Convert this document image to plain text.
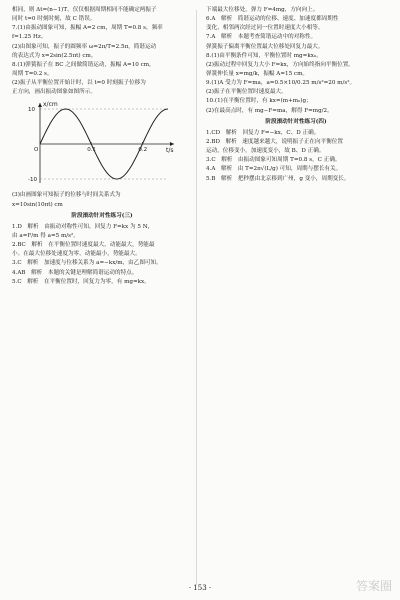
相同，则 Δt=(n−1)T，仅仅根据周期相同不能确定两振子
同时 t=0 时刻时刻，故 C 错误。
7.(1)由振动图象可知，振幅 A=2 cm，周期 T=0.8 s，频率
f=1.25 Hz。
(2)由图象可知，振子的圆频率 ω=2π/T=2.5π，简谐运动
的表达式为 x=2sin(2.5πt) cm。
8.(1)弹簧振子在 BC 之间做简谐运动，振幅 A=10 cm，
周期 T=0.2 s。
(2)振子从平衡位置开始计时，以 t=0 时刻振子位移为
正方向，画出振动图象如图所示。
0.1	0.2
10
-10
O
x/cm
t/s
(3)由画图象可知振子的位移与时间关系式为
x=10sin(10πt) cm
阶段滚动针对性练习(三)
1.D　解析　由振动对称性可知，回复力 F=kx 为 5 N，
由 a=F/m 得 a=5 m/s²。
2.BC　解析　在平衡位置时速度最大，动能最大，势能最
小。在最大位移处速度为零，动能最小，势能最大。
3.C　解析　加速度与位移关系为 a=−kx/m，由乙图可知。
4.AB　解析　本题的关键是理解简谐运动的特点。
5.C　解析　在平衡位置时，回复力为零，有 mg=kx。
下端最大位移处，弹力 F=4mg，方向向上。
6.A　解析　简谐运动的位移、速度、加速度都周期性
变化，相邻两次经过同一位置时速度大小相等。
7.A　解析　本题考查简谐运动中的对称性。
弹簧振子偏离平衡位置最大位移处回复力最大。
8.(1)由平衡条件可知，平衡位置时 mg=kx₀，
(2)振动过程中回复力大小 F=kx，方向始终指向平衡位置。
弹簧伸长量 x=mg/k，振幅 A=15 cm。
9.(1)A 受力为 F=ma，a=0.5×10/0.25 m/s²=20 m/s²。
(2)振子在平衡位置时速度最大。
10.(1)在平衡位置时，有 kx=(m+m₀)g；
(2)在最高点时，有 mg−F=ma，解得 F=mg/2。
阶段滚动针对性练习(四)
1.CD　解析　回复力 F=−kx，C、D 正确。
2.BD　解析　速度越来越大，说明振子正在向平衡位置
运动，位移变小，加速度变小，故 B、D 正确。
3.C　解析　由振动图象可知周期 T=0.8 s，C 正确。
4.A　解析　由 T=2π√(L/g) 可知，周期与摆长有关。
5.B　解析　把秒摆由北京移到广州，g 变小，周期变长。
· 153 ·	答案圈
